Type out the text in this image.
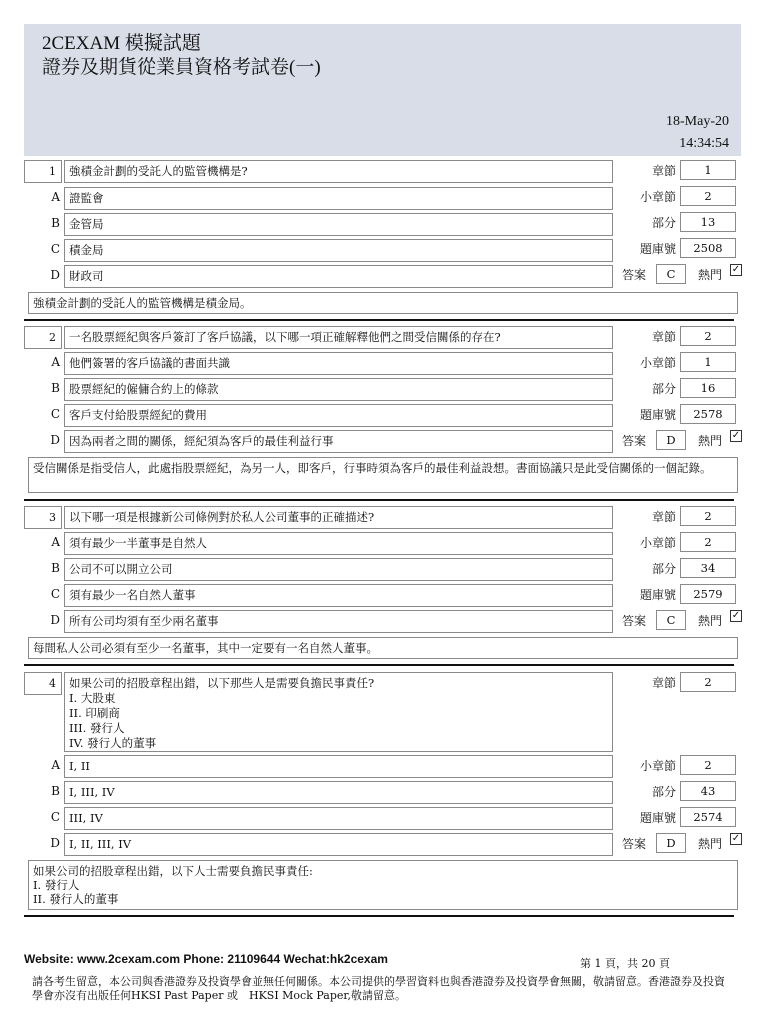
2CEXAM 模擬試題
證券及期貨從業員資格考試卷(一)
18-May-20
14:34:54
1	強積金計劃的受託人的監管機構是?
A 證監會
B 金管局
C 積金局
D 財政司
章節	1
小章節	2
部分	13
題庫號	2508
答案	C	熱門 ✓
強積金計劃的受託人的監管機構是積金局。
2	一名股票經紀與客戶簽訂了客戶協議，以下哪一項正確解釋他們之間受信關係的存在?
A 他們簽署的客戶協議的書面共識
B 股票經紀的僱傭合約上的條款
C 客戶支付給股票經紀的費用
D 因為兩者之間的關係，經紀須為客戶的最佳利益行事
章節	2
小章節	1
部分	16
題庫號	2578
答案	D	熱門 ✓
受信關係是指受信人，此處指股票經紀，為另一人，即客戶，行事時須為客戶的最佳利益設想。書面協議只是此受信關係的一個記錄。
3	以下哪一項是根據新公司條例對於私人公司董事的正確描述?
A 須有最少一半董事是自然人
B 公司不可以開立公司
C 須有最少一名自然人董事
D 所有公司均須有至少兩名董事
章節	2
小章節	2
部分	34
題庫號	2579
答案	C	熱門 ✓
每間私人公司必須有至少一名董事，其中一定要有一名自然人董事。
4	如果公司的招股章程出錯，以下那些人是需要負擔民事責任?
I. 大股東
II. 印刷商
III. 發行人
IV. 發行人的董事
A I, II
B I, III, IV
C III, IV
D I, II, III, IV
章節	2
小章節	2
部分	43
題庫號	2574
答案	D	熱門 ✓
如果公司的招股章程出錯，以下人士需要負擔民事責任:
I. 發行人
II. 發行人的董事
Website: www.2cexam.com Phone: 21109644 Wechat:hk2cexam	第 1 頁，共 20 頁
請各考生留意，本公司與香港證券及投資學會並無任何關係。本公司提供的學習資料也與香港證券及投資學會無關，敬請留意。香港證券及投資學會亦沒有出版任何HKSI Past Paper 或　HKSI Mock Paper,敬請留意。
